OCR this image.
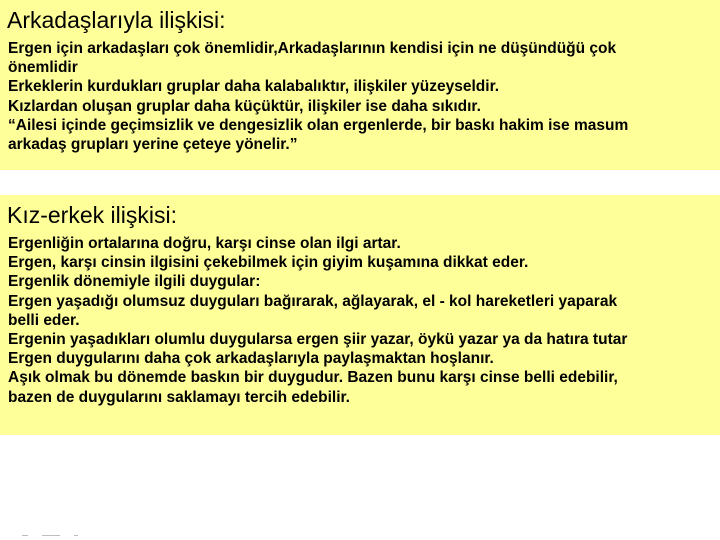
Arkadaşlarıyla ilişkisi:
Ergen için arkadaşları çok önemlidir,Arkadaşlarının kendisi için ne düşündüğü çok
önemlidir
Erkeklerin kurdukları gruplar daha kalabalıktır, ilişkiler yüzeyseldir.
Kızlardan oluşan gruplar daha küçüktür, ilişkiler ise daha sıkıdır.
“Ailesi içinde geçimsizlik ve dengesizlik olan ergenlerde, bir baskı hakim ise masum
arkadaş grupları yerine çeteye yönelir.”
Kız-erkek ilişkisi:
Ergenliğin ortalarına doğru, karşı cinse olan ilgi artar.
Ergen, karşı cinsin ilgisini çekebilmek için giyim kuşamına dikkat eder.
Ergenlik dönemiyle ilgili duygular:
Ergen yaşadığı olumsuz duyguları bağırarak, ağlayarak, el - kol hareketleri yaparak
belli eder.
Ergenin yaşadıkları olumlu duygularsa ergen şiir yazar, öykü yazar ya da hatıra tutar
Ergen duygularını daha çok arkadaşlarıyla paylaşmaktan hoşlanır.
Aşık olmak bu dönemde baskın bir duygudur. Bazen bunu karşı cinse belli edebilir,
bazen de duygularını saklamayı tercih edebilir.
